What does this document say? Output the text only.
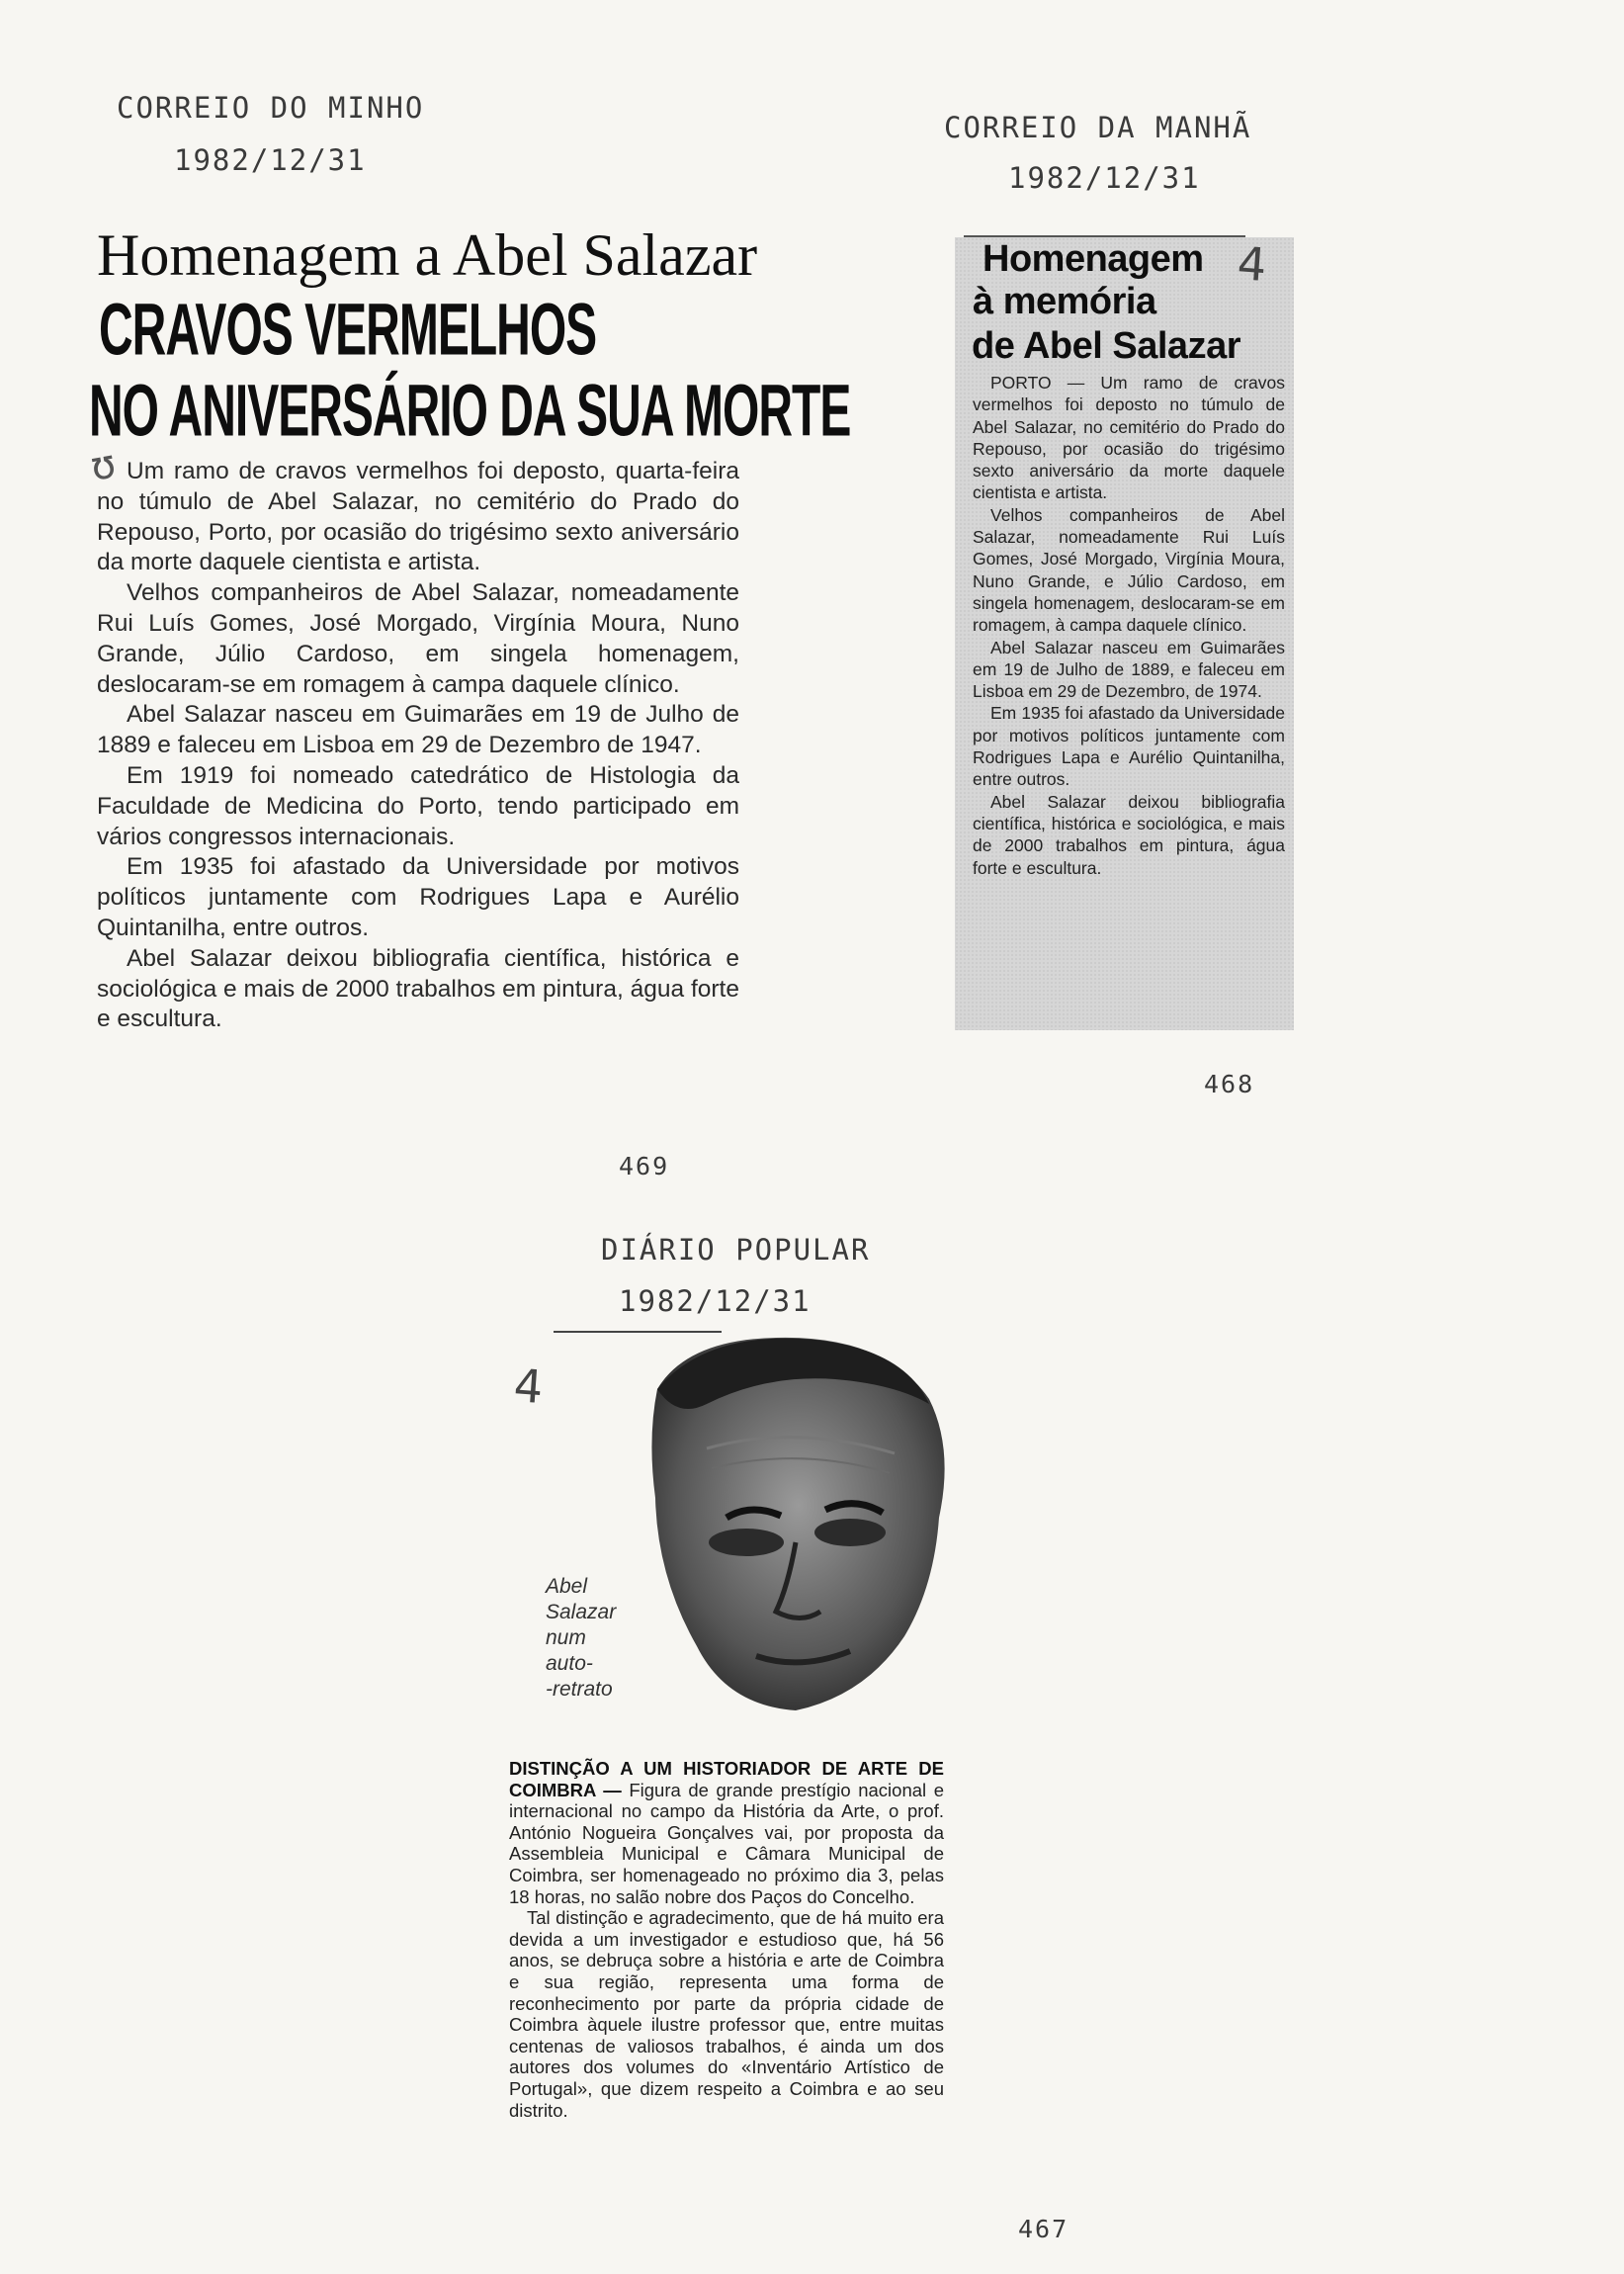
CORREIO DO MINHO
1982/12/31
Homenagem a Abel Salazar
CRAVOS VERMELHOS
NO ANIVERSÁRIO DA SUA MORTE
ʊ Um ramo de cravos vermelhos foi deposto, quarta-feira no túmulo de Abel Salazar, no cemitério do Prado do Repouso, Porto, por ocasião do trigésimo sexto aniversário da morte daquele cientista e artista.

Velhos companheiros de Abel Salazar, nomeadamente Rui Luís Gomes, José Morgado, Virgínia Moura, Nuno Grande, Júlio Cardoso, em singela homenagem, deslocaram-se em romagem à campa daquele clínico.

Abel Salazar nasceu em Guimarães em 19 de Julho de 1889 e faleceu em Lisboa em 29 de Dezembro de 1947.

Em 1919 foi nomeado catedrático de Histologia da Faculdade de Medicina do Porto, tendo participado em vários congressos internacionais.

Em 1935 foi afastado da Universidade por motivos políticos juntamente com Rodrigues Lapa e Aurélio Quintanilha, entre outros.

Abel Salazar deixou bibliografia científica, histórica e sociológica e mais de 2000 trabalhos em pintura, água forte e escultura.

469
CORREIO DA MANHÃ
1982/12/31
Homenagem
à memória
de Abel Salazar
4

PORTO — Um ramo de cravos vermelhos foi deposto no túmulo de Abel Salazar, no cemitério do Prado do Repouso, por ocasião do trigésimo sexto aniversário da morte daquele cientista e artista.

Velhos companheiros de Abel Salazar, nomeadamente Rui Luís Gomes, José Morgado, Virgínia Moura, Nuno Grande, e Júlio Cardoso, em singela homenagem, deslocaram-se em romagem, à campa daquele clínico.

Abel Salazar nasceu em Guimarães em 19 de Julho de 1889, e faleceu em Lisboa em 29 de Dezembro, de 1974.

Em 1935 foi afastado da Universidade por motivos políticos juntamente com Rodrigues Lapa e Aurélio Quintanilha, entre outros.

Abel Salazar deixou bibliografia científica, histórica e sociológica, e mais de 2000 trabalhos em pintura, água forte e escultura.

468
DIÁRIO POPULAR
1982/12/31
4
Abel
Salazar
num
auto-
-retrato

DISTINÇÃO A UM HISTORIADOR DE ARTE DE COIMBRA — Figura de grande prestígio nacional e internacional no campo da História da Arte, o prof. António Nogueira Gonçalves vai, por proposta da Assembleia Municipal e Câmara Municipal de Coimbra, ser homenageado no próximo dia 3, pelas 18 horas, no salão nobre dos Paços do Concelho.

Tal distinção e agradecimento, que de há muito era devida a um investigador e estudioso que, há 56 anos, se debruça sobre a história e arte de Coimbra e sua região, representa uma forma de reconhecimento por parte da própria cidade de Coimbra àquele ilustre professor que, entre muitas centenas de valiosos trabalhos, é ainda um dos autores dos volumes do «Inventário Artístico de Portugal», que dizem respeito a Coimbra e ao seu distrito.

467
